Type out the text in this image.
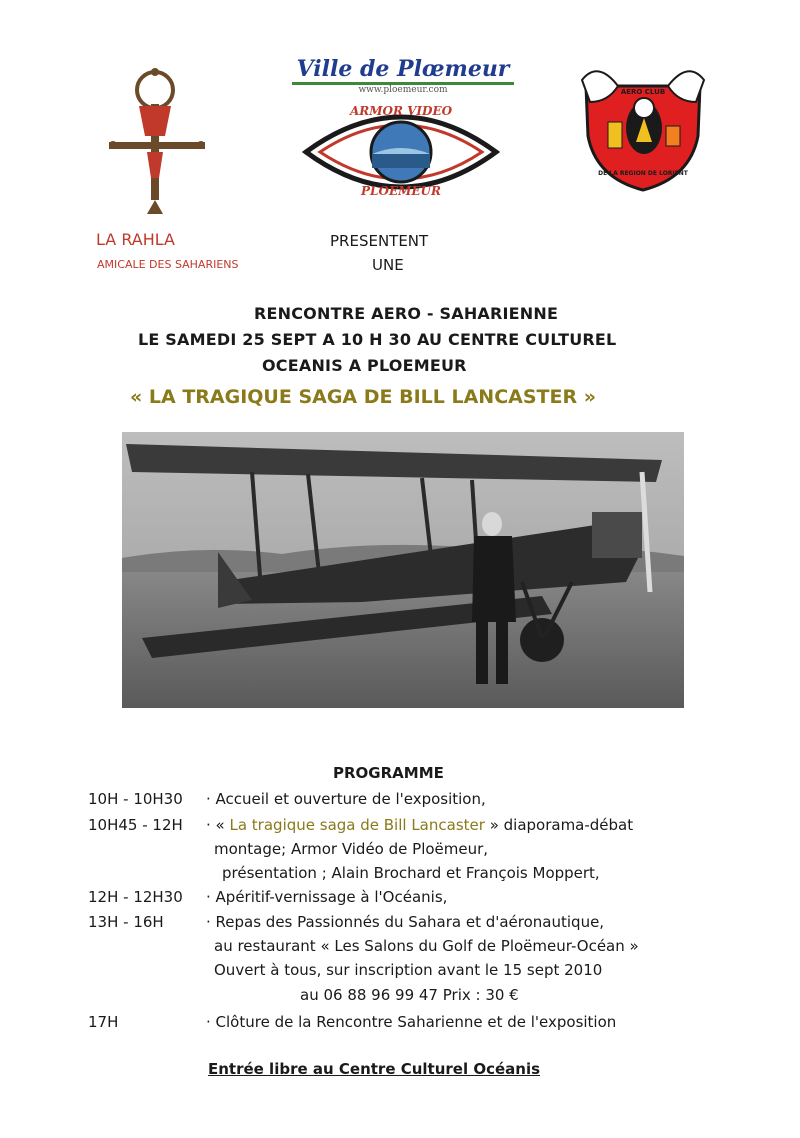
Ville de Plœmeur
www.ploemeur.com
ARMOR VIDEO
PLOEMEUR
AERO CLUB
DE LA REGION DE LORIENT
LA RAHLA
AMICALE DES SAHARIENS
PRESENTENT
UNE
RENCONTRE AERO - SAHARIENNE
LE SAMEDI 25 SEPT A 10 H 30 AU CENTRE CULTUREL
OCEANIS A PLOEMEUR
« LA TRAGIQUE SAGA DE BILL LANCASTER »
PROGRAMME
10H - 10H30 · Accueil et ouverture de l'exposition,
10H45 - 12H · « La tragique saga de Bill Lancaster » diaporama-débat
montage; Armor Vidéo de Ploëmeur,
présentation ; Alain Brochard et François Moppert,
12H - 12H30 · Apéritif-vernissage à l'Océanis,
13H - 16H	· Repas des Passionnés du Sahara et d'aéronautique,
au restaurant « Les Salons du Golf de Ploëmeur-Océan »
Ouvert à tous, sur inscription avant le 15 sept 2010
au 06 88 96 99 47 Prix : 30 €
17H	· Clôture de la Rencontre Saharienne et de l'exposition
Entrée libre au Centre Culturel Océanis
